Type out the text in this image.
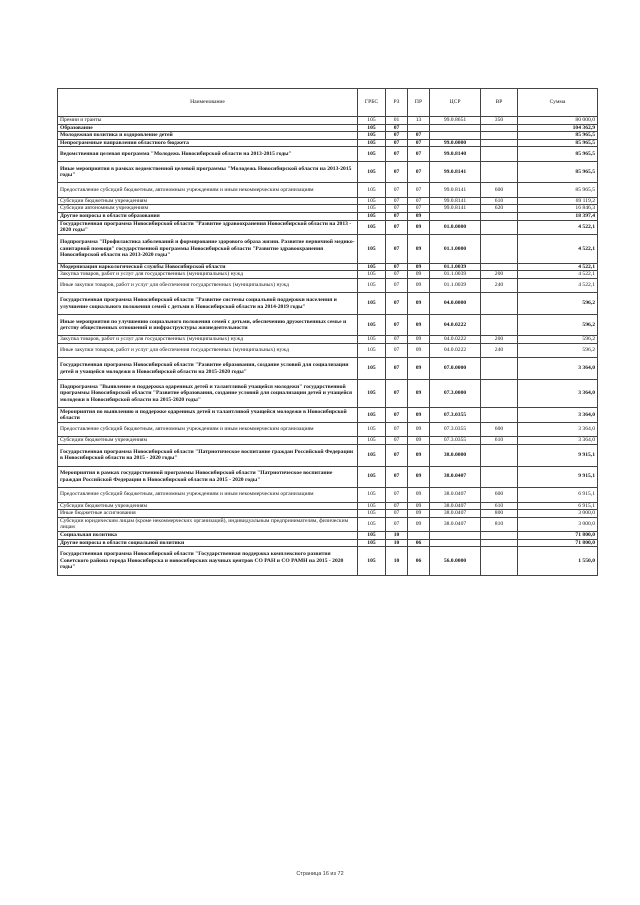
Наименование	ГРБС	РЗ	ПР	ЦСР	ВР	Сумма
Премии и гранты	105	01	13	99.0.8651	350	80 000,0
Образование	105	07				104 362,9
Молодежная политика и оздоровление детей	105	07	07			85 965,5
Непрограммные направления областного бюджета	105	07	07	99.0.0000		85 965,5
Ведомственная целевая программа "Молодежь Новосибирской области на 2013-2015 годы"	105	07	07	99.0.8140		85 965,5
Иные мероприятия в рамках ведомственной целевой программы "Молодежь Новосибирской области на 2013-2015 годы"	105	07	07	99.0.8141		85 965,5
Предоставление субсидий бюджетным, автономным учреждениям и иным некоммерческим организациям	105	07	07	99.0.8141	600	85 965,5
Субсидии бюджетным учреждениям	105	07	07	99.0.8141	610	69 119,2
Субсидии автономным учреждениям	105	07	07	99.0.8141	620	16 846,3
Другие вопросы в области образования	105	07	09			18 397,4
Государственная программа Новосибирской области "Развитие здравоохранения Новосибирской области на 2013 - 2020 годы"	105	07	09	01.0.0000		4 522,1
Подпрограмма "Профилактика заболеваний и формирование здорового образа жизни. Развитие первичной медико-санитарной помощи" государственной программы Новосибирской области "Развитие здравоохранения Новосибирской области на 2013-2020 годы"	105	07	09	01.1.0000		4 522,1
Модернизация наркологической службы Новосибирской области	105	07	09	01.1.0039		4 522,1
Закупка товаров, работ и услуг для государственных (муниципальных) нужд	105	07	09	01.1.0039	200	4 522,1
Иные закупки товаров, работ и услуг для обеспечения государственных (муниципальных) нужд	105	07	09	01.1.0039	240	4 522,1
Государственная программа Новосибирской области "Развитие системы социальной поддержки населения и улучшение социального положения семей с детьми в Новосибирской области на 2014-2019 годы"	105	07	09	04.0.0000		596,2
Иные мероприятия по улучшению социального положения семей с детьми, обеспечению дружественных семье и детству общественных отношений и инфраструктуры жизнедеятельности	105	07	09	04.0.0222		596,2
Закупка товаров, работ и услуг для государственных (муниципальных) нужд	105	07	09	04.0.0222	200	596,2
Иные закупки товаров, работ и услуг для обеспечения государственных (муниципальных) нужд	105	07	09	04.0.0222	240	596,2
Государственная программа Новосибирской области "Развитие образования, создание условий для социализации детей и учащейся молодежи в Новосибирской области на 2015-2020 годы"	105	07	09	07.0.0000		3 364,0
Подпрограмма "Выявление и поддержка одаренных детей и талантливой учащейся молодежи" государственной программы Новосибирской области "Развитие образования, создание условий для социализации детей и учащейся молодежи в Новосибирской области на 2015-2020 годы"	105	07	09	07.3.0000		3 364,0
Мероприятия по выявлению и поддержке одаренных детей и талантливой учащейся молодежи в Новосибирской области	105	07	09	07.3.0355		3 364,0
Предоставление субсидий бюджетным, автономным учреждениям и иным некоммерческим организациям	105	07	09	07.3.0355	600	3 364,0
Субсидии бюджетным учреждениям	105	07	09	07.3.0355	610	3 364,0
Государственная программа Новосибирской области "Патриотическое воспитание граждан Российской Федерации в Новосибирской области на 2015 - 2020 годы"	105	07	09	38.0.0000		9 915,1
Мероприятия в рамках государственной программы Новосибирской области "Патриотическое воспитание граждан Российской Федерации в Новосибирской области на 2015 - 2020 годы"	105	07	09	38.0.0407		9 915,1
Предоставление субсидий бюджетным, автономным учреждениям и иным некоммерческим организациям	105	07	09	38.0.0407	600	6 915,1
Субсидии бюджетным учреждениям	105	07	09	38.0.0407	610	6 915,1
Иные бюджетные ассигнования	105	07	09	38.0.0407	800	3 000,0
Субсидии юридическим лицам (кроме некоммерческих организаций), индивидуальным предпринимателям, физическим лицам	105	07	09	38.0.0407	810	3 000,0
Социальная политика	105	10				71 800,0
Другие вопросы в области социальной политики	105	10	06			71 800,0
Государственная программа Новосибирской области "Государственная поддержка комплексного развития Советского района города Новосибирска и новосибирских научных центров СО РАН и СО РАМН на 2015 - 2020 годы"	105	10	06	56.0.0000		1 550,0
Страница 16 из 72
